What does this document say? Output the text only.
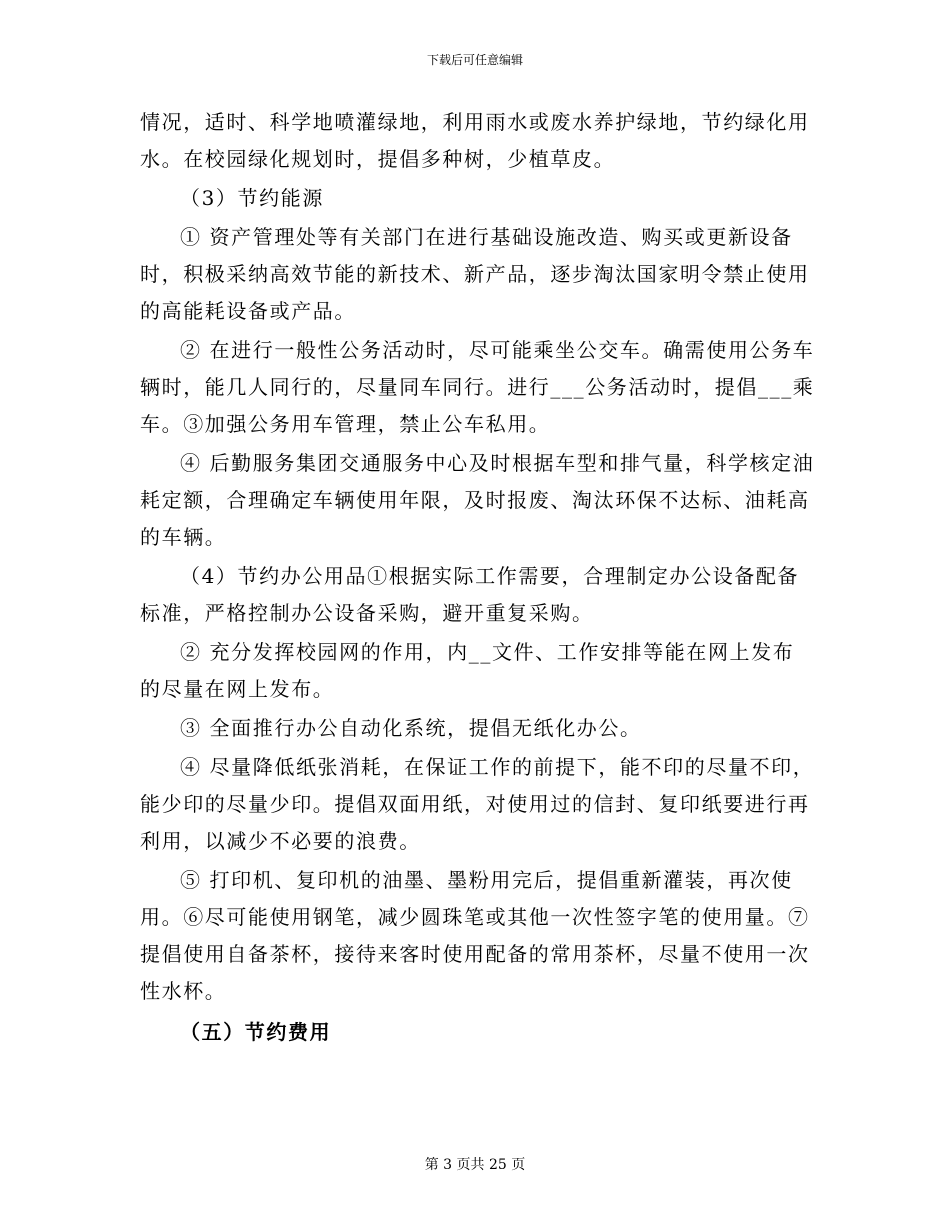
下载后可任意编辑

情况，适时、科学地喷灌绿地，利用雨水或废水养护绿地，节约绿化用水。在校园绿化规划时，提倡多种树，少植草皮。

（3）节约能源

① 资产管理处等有关部门在进行基础设施改造、购买或更新设备时，积极采纳高效节能的新技术、新产品，逐步淘汰国家明令禁止使用的高能耗设备或产品。

② 在进行一般性公务活动时，尽可能乘坐公交车。确需使用公务车辆时，能几人同行的，尽量同车同行。进行___公务活动时，提倡___乘车。③加强公务用车管理，禁止公车私用。

④ 后勤服务集团交通服务中心及时根据车型和排气量，科学核定油耗定额，合理确定车辆使用年限，及时报废、淘汰环保不达标、油耗高的车辆。

（4）节约办公用品①根据实际工作需要，合理制定办公设备配备标准，严格控制办公设备采购，避开重复采购。

② 充分发挥校园网的作用，内__文件、工作安排等能在网上发布的尽量在网上发布。

③ 全面推行办公自动化系统，提倡无纸化办公。

④ 尽量降低纸张消耗，在保证工作的前提下，能不印的尽量不印，能少印的尽量少印。提倡双面用纸，对使用过的信封、复印纸要进行再利用，以减少不必要的浪费。

⑤ 打印机、复印机的油墨、墨粉用完后，提倡重新灌装，再次使用。⑥尽可能使用钢笔，减少圆珠笔或其他一次性签字笔的使用量。⑦提倡使用自备茶杯，接待来客时使用配备的常用茶杯，尽量不使用一次性水杯。

（五）节约费用

第 3 页共 25 页
